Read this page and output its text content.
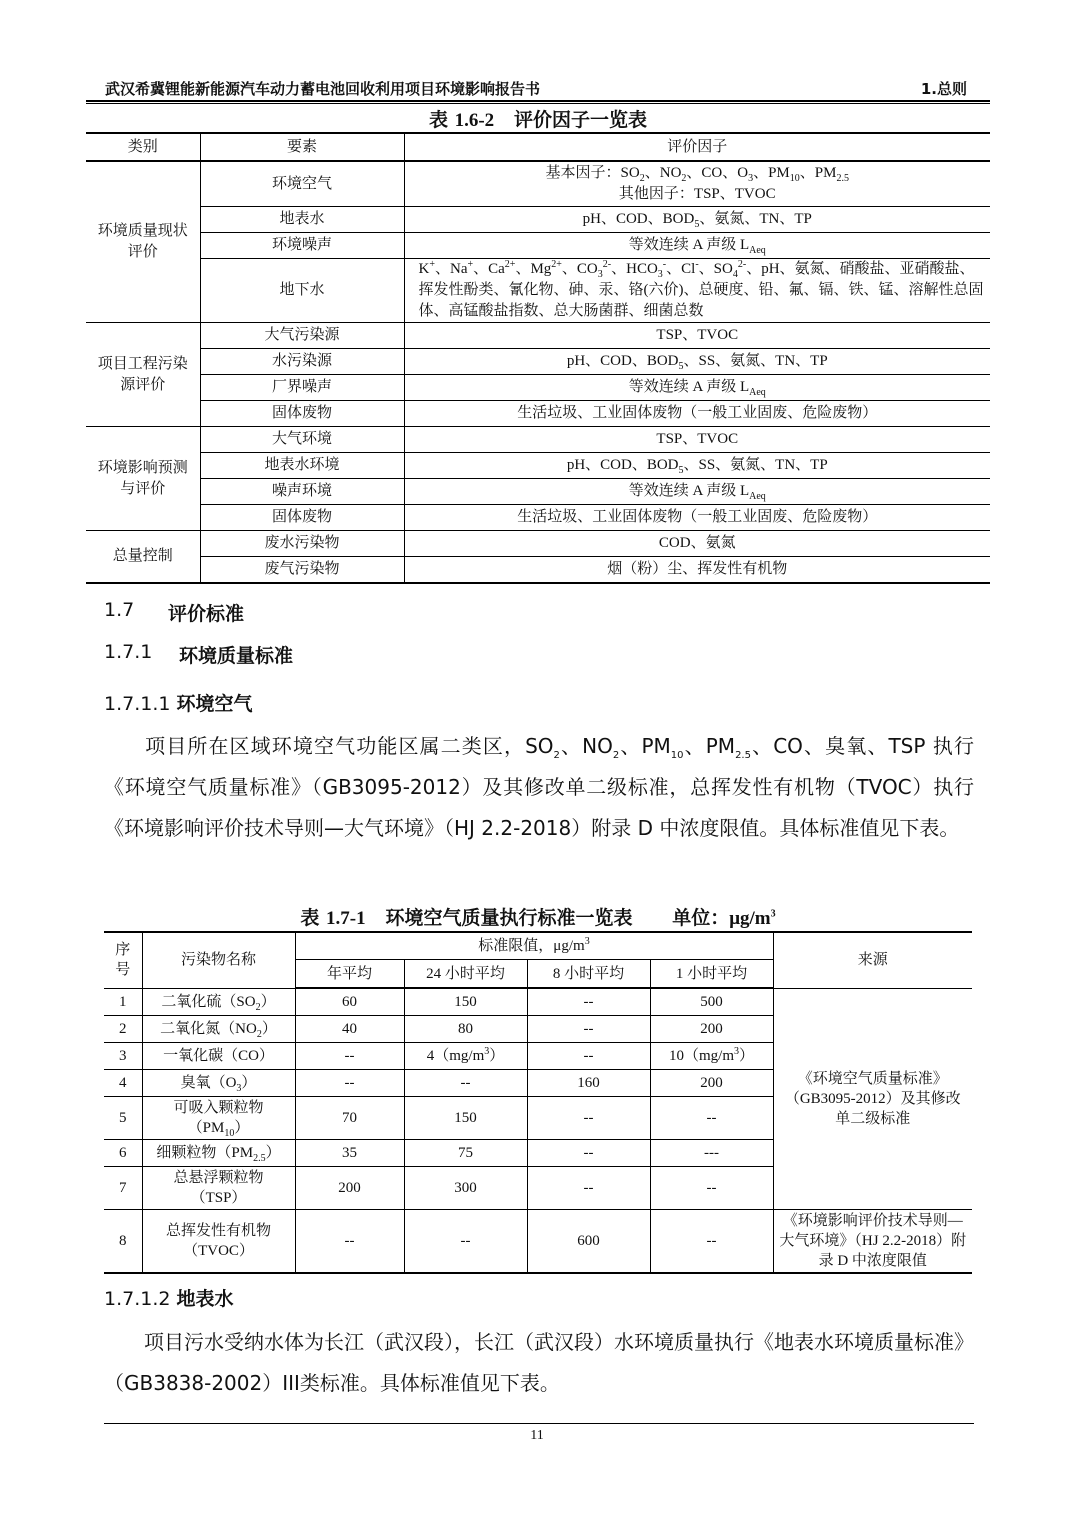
武汉希冀锂能新能源汽车动力蓄电池回收利用项目环境影响报告书	1.总则
表 1.6-2 评价因子一览表
类别	要素	评价因子
环境质量现状评价	环境空气	基本因子：$SO_2$、$NO_2$、CO、$O_3$、$PM_{10}$、$PM_{2.5}$
其他因子：TSP、TVOC

	地表水	pH、COD、$BOD_5$、氨氮、TN、TP
	环境噪声	等效连续 A 声级 $L_{Aeq}$
	地下水	K+、Na+、$Ca^{2+}$、$Mg^{2+}$、$CO_3^{2-}$、$HCO_3^-$、Cl-、$SO_4^{2-}$、pH、氨氮、硝酸盐、亚硝酸盐、挥发性酚类、氰化物、砷、汞、铬(六价)、总硬度、铅、氟、镉、铁、锰、溶解性总固体、高锰酸盐指数、总大肠菌群、细菌总数
项目工程污染源评价	大气污染源	TSP、TVOC
	水污染源	pH、COD、$BOD_5$、SS、氨氮、TN、TP
	厂界噪声	等效连续 A 声级 $L_{Aeq}$
	固体废物	生活垃圾、工业固体废物（一般工业固废、危险废物）
环境影响预测与评价	大气环境	TSP、TVOC
	地表水环境	pH、COD、$BOD_5$、SS、氨氮、TN、TP
	噪声环境	等效连续 A 声级 $L_{Aeq}$
	固体废物	生活垃圾、工业固体废物（一般工业固废、危险废物）
总量控制	废水污染物	COD、氨氮
	废气污染物	烟（粉）尘、挥发性有机物
1.7 评价标准
1.7.1 环境质量标准
1.7.1.1 环境空气
项目所在区域环境空气功能区属二类区，$SO_2$、$NO_2$、$PM_{10}$、$PM_{2.5}$、CO、臭氧、TSP 执行《环境空气质量标准》（GB3095-2012）及其修改单二级标准，总挥发性有机物（TVOC）执行《环境影响评价技术导则—大气环境》（HJ 2.2-2018）附录 D 中浓度限值。具体标准值见下表。
表 1.7-1 环境空气质量执行标准一览表 单位：$\mu g/m^3$
序号	污染物名称	标准限值，$\mu g/m^3$				来源
		年平均	24 小时平均	8 小时平均	1 小时平均	
1	二氧化硫$(SO_2)$	60	150	--	500	《环境空气质量标准》（GB3095-2012）及其修改单二级标准
2	二氧化氮$(NO_2)$	40	80	--	200	
3	一氧化碳（CO）	--	$4(mg/m^3)$	--	$10(mg/m^3)$	
4	臭氧$(O_3)$	--	--	160	200	
5	可吸入颗粒物
$(PM_{10})$	70	150	--	--	
6	细颗粒物$(PM_{2.5})$	35	75	--	---	
7	总悬浮颗粒物
（TSP）	200	300	--	--	
8	总挥发性有机物
（TVOC）	--	--	600	--	《环境影响评价技术导则—大气环境》（HJ 2.2-2018）附录 D 中浓度限值
1.7.1.2 地表水
项目污水受纳水体为长江（武汉段），长江（武汉段）水环境质量执行《地表水环境质量标准》（GB3838-2002）III类标准。具体标准值见下表。
11
